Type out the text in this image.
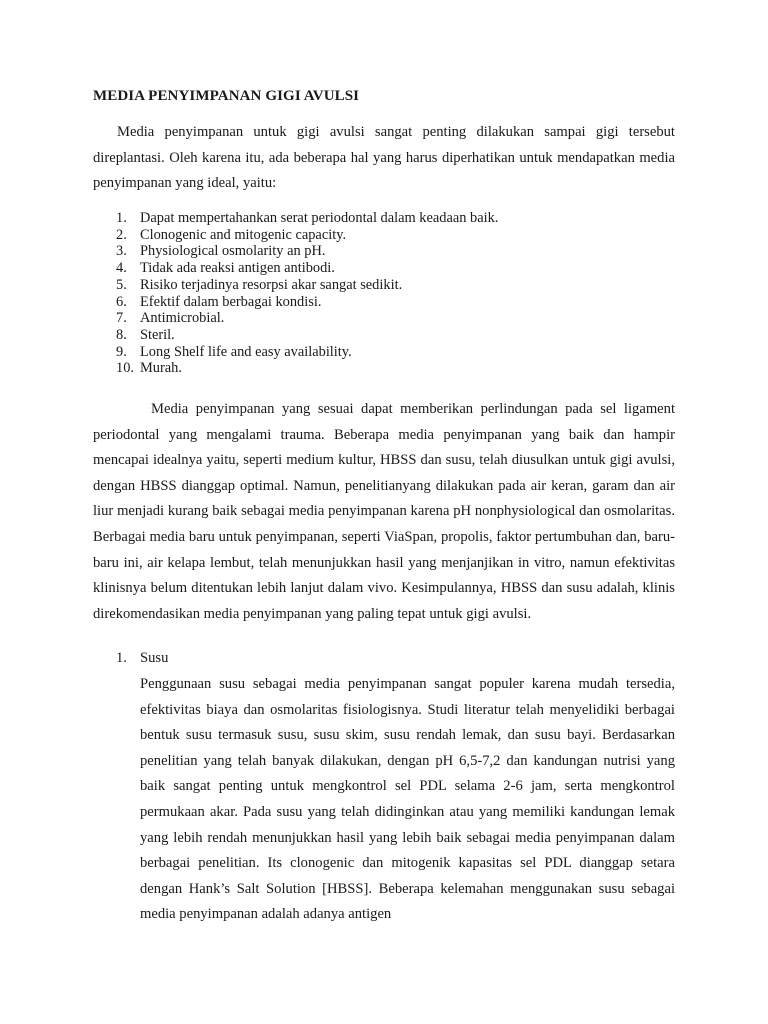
MEDIA PENYIMPANAN GIGI AVULSI

Media penyimpanan untuk gigi avulsi sangat penting dilakukan sampai gigi tersebut direplantasi. Oleh karena itu, ada beberapa hal yang harus diperhatikan untuk mendapatkan media penyimpanan yang ideal, yaitu:

1. Dapat mempertahankan serat periodontal dalam keadaan baik.
2. Clonogenic and mitogenic capacity.
3. Physiological osmolarity an pH.
4. Tidak ada reaksi antigen antibodi.
5. Risiko terjadinya resorpsi akar sangat sedikit.
6. Efektif dalam berbagai kondisi.
7. Antimicrobial.
8. Steril.
9. Long Shelf life and easy availability.
10. Murah.

Media penyimpanan yang sesuai dapat memberikan perlindungan pada sel ligament periodontal yang mengalami trauma. Beberapa media penyimpanan yang baik dan hampir mencapai idealnya yaitu, seperti medium kultur, HBSS dan susu, telah diusulkan untuk gigi avulsi, dengan HBSS dianggap optimal. Namun, penelitianyang dilakukan pada air keran, garam dan air liur menjadi kurang baik sebagai media penyimpanan karena pH nonphysiological dan osmolaritas. Berbagai media baru untuk penyimpanan, seperti ViaSpan, propolis, faktor pertumbuhan dan, baru-baru ini, air kelapa lembut, telah menunjukkan hasil yang menjanjikan in vitro, namun efektivitas klinisnya belum ditentukan lebih lanjut dalam vivo. Kesimpulannya, HBSS dan susu adalah, klinis direkomendasikan media penyimpanan yang paling tepat untuk gigi avulsi.

1. Susu

Penggunaan susu sebagai media penyimpanan sangat populer karena mudah tersedia, efektivitas biaya dan osmolaritas fisiologisnya. Studi literatur telah menyelidiki berbagai bentuk susu termasuk susu, susu skim, susu rendah lemak, dan susu bayi. Berdasarkan penelitian yang telah banyak dilakukan, dengan pH 6,5-7,2 dan kandungan nutrisi yang baik sangat penting untuk mengkontrol sel PDL selama 2-6 jam, serta mengkontrol permukaan akar. Pada susu yang telah didinginkan atau yang memiliki kandungan lemak yang lebih rendah menunjukkan hasil yang lebih baik sebagai media penyimpanan dalam berbagai penelitian. Its clonogenic dan mitogenik kapasitas sel PDL dianggap setara dengan Hank’s Salt Solution [HBSS]. Beberapa kelemahan menggunakan susu sebagai media penyimpanan adalah adanya antigen
